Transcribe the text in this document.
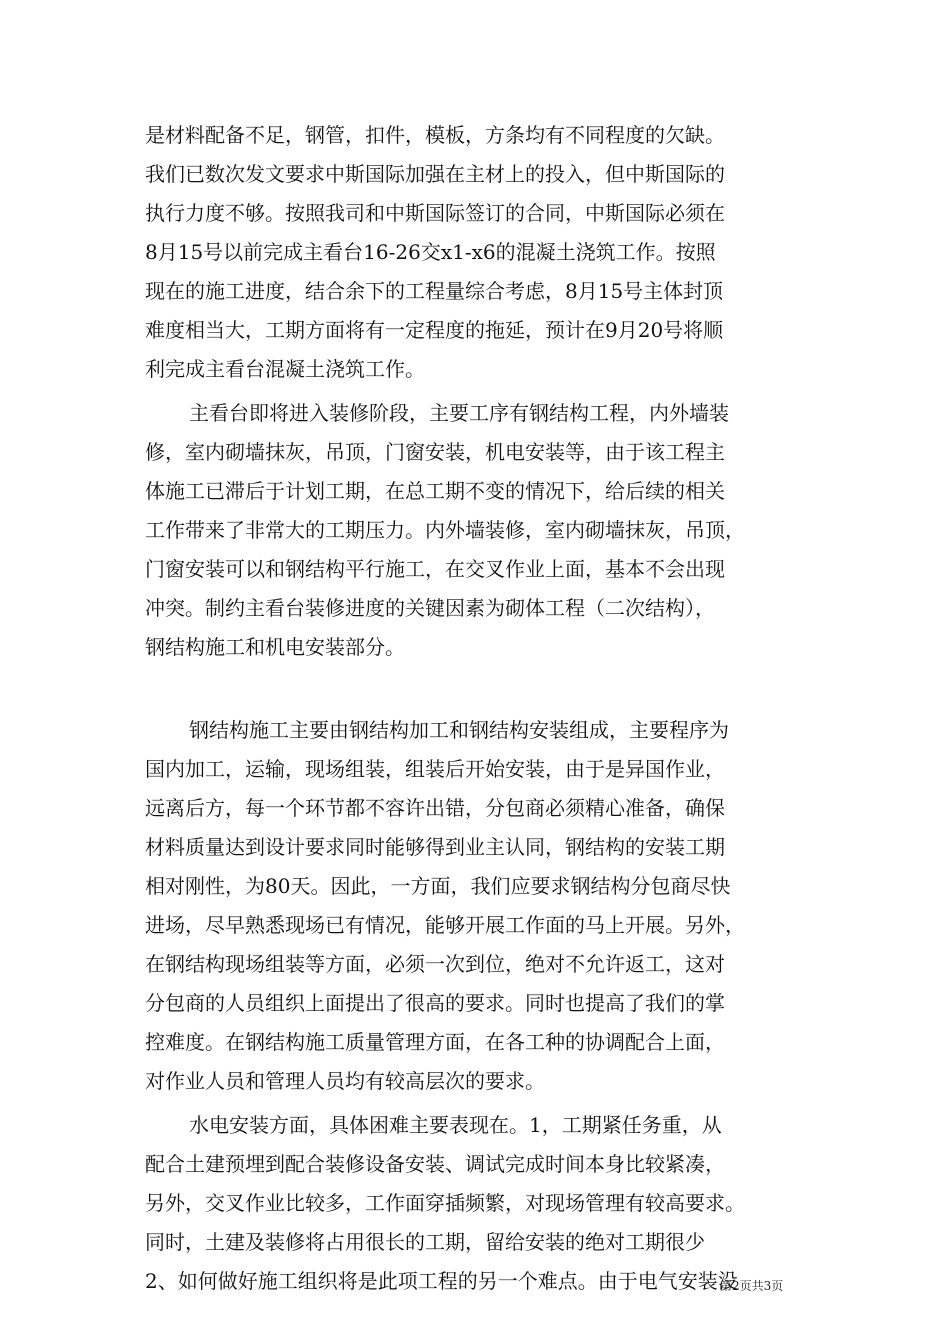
是材料配备不足，钢管，扣件，模板，方条均有不同程度的欠缺。
我们已数次发文要求中斯国际加强在主材上的投入，但中斯国际的
执行力度不够。按照我司和中斯国际签订的合同，中斯国际必须在
8月15号以前完成主看台16-26交x1-x6的混凝土浇筑工作。按照
现在的施工进度，结合余下的工程量综合考虑，8月15号主体封顶
难度相当大，工期方面将有一定程度的拖延，预计在9月20号将顺
利完成主看台混凝土浇筑工作。
主看台即将进入装修阶段，主要工序有钢结构工程，内外墙装
修，室内砌墙抹灰，吊顶，门窗安装，机电安装等，由于该工程主
体施工已滞后于计划工期，在总工期不变的情况下，给后续的相关
工作带来了非常大的工期压力。内外墙装修，室内砌墙抹灰，吊顶，
门窗安装可以和钢结构平行施工，在交叉作业上面，基本不会出现
冲突。制约主看台装修进度的关键因素为砌体工程（二次结构），
钢结构施工和机电安装部分。
钢结构施工主要由钢结构加工和钢结构安装组成，主要程序为
国内加工，运输，现场组装，组装后开始安装，由于是异国作业，
远离后方，每一个环节都不容许出错，分包商必须精心准备，确保
材料质量达到设计要求同时能够得到业主认同，钢结构的安装工期
相对刚性，为80天。因此，一方面，我们应要求钢结构分包商尽快
进场，尽早熟悉现场已有情况，能够开展工作面的马上开展。另外，
在钢结构现场组装等方面，必须一次到位，绝对不允许返工，这对
分包商的人员组织上面提出了很高的要求。同时也提高了我们的掌
控难度。在钢结构施工质量管理方面，在各工种的协调配合上面，
对作业人员和管理人员均有较高层次的要求。
水电安装方面，具体困难主要表现在。1，工期紧任务重，从
配合土建预埋到配合装修设备安装、调试完成时间本身比较紧凑，
另外，交叉作业比较多，工作面穿插频繁，对现场管理有较高要求。
同时，土建及装修将占用很长的工期，留给安装的绝对工期很少
2、如何做好施工组织将是此项工程的另一个难点。由于电气安装没
第2页共3页
